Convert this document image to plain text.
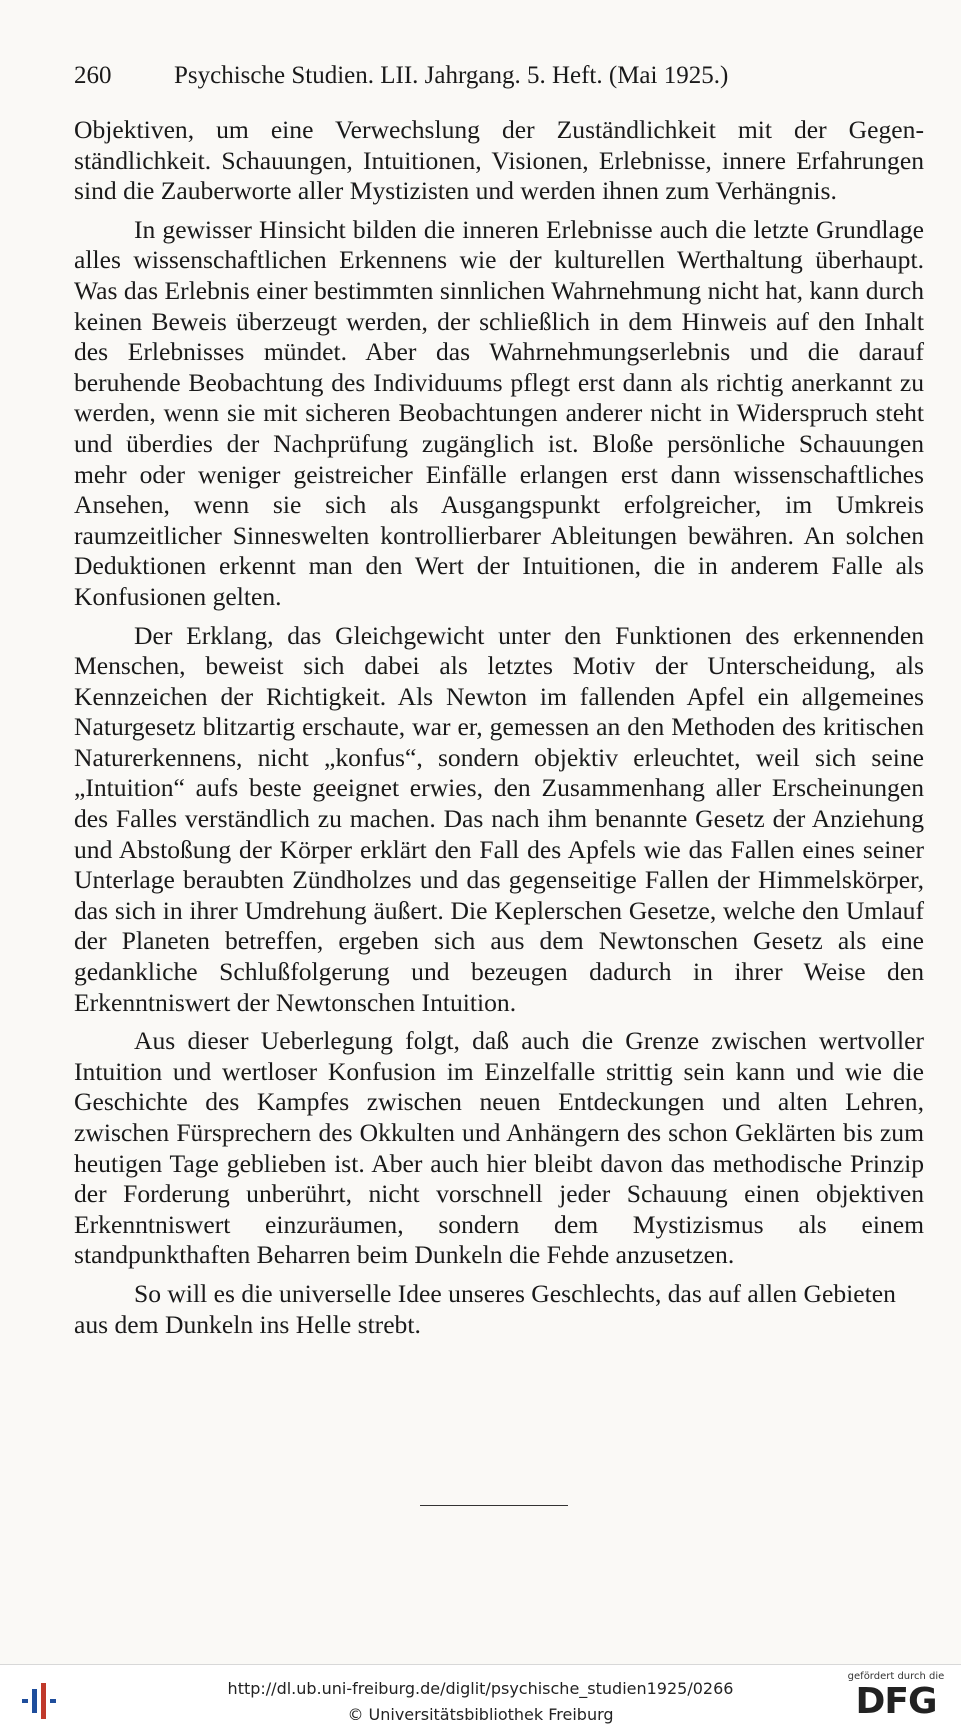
260	Psychische Studien. LII. Jahrgang. 5. Heft. (Mai 1925.)

Objektiven, um eine Verwechslung der Zuständlichkeit mit der Gegenständlichkeit. Schauungen, Intuitionen, Visionen, Erlebnisse, innere Erfahrungen sind die Zauberworte aller Mystizisten und werden ihnen zum Verhängnis.

In gewisser Hinsicht bilden die inneren Erlebnisse auch die letzte Grundlage alles wissenschaftlichen Erkennens wie der kulturellen Werthaltung überhaupt. Was das Erlebnis einer bestimmten sinnlichen Wahrnehmung nicht hat, kann durch keinen Beweis überzeugt werden, der schließlich in dem Hinweis auf den Inhalt des Erlebnisses mündet. Aber das Wahrnehmungserlebnis und die darauf beruhende Beobachtung des Individuums pflegt erst dann als richtig anerkannt zu werden, wenn sie mit sicheren Beobachtungen anderer nicht in Widerspruch steht und überdies der Nachprüfung zugänglich ist. Bloße persönliche Schauungen mehr oder weniger geistreicher Einfälle erlangen erst dann wissenschaftliches Ansehen, wenn sie sich als Ausgangspunkt erfolgreicher, im Umkreis raumzeitlicher Sinneswelten kontrollierbarer Ableitungen bewähren. An solchen Deduktionen erkennt man den Wert der Intuitionen, die in anderem Falle als Konfusionen gelten.

Der Erklang, das Gleichgewicht unter den Funktionen des erkennenden Menschen, beweist sich dabei als letztes Motiv der Unterscheidung, als Kennzeichen der Richtigkeit. Als Newton im fallenden Apfel ein allgemeines Naturgesetz blitzartig erschaute, war er, gemessen an den Methoden des kritischen Naturerkennens, nicht „konfus“, sondern objektiv erleuchtet, weil sich seine „Intuition“ aufs beste geeignet erwies, den Zusammenhang aller Erscheinungen des Falles verständlich zu machen. Das nach ihm benannte Gesetz der Anziehung und Abstoßung der Körper erklärt den Fall des Apfels wie das Fallen eines seiner Unterlage beraubten Zündholzes und das gegenseitige Fallen der Himmelskörper, das sich in ihrer Umdrehung äußert. Die Keplerschen Gesetze, welche den Umlauf der Planeten betreffen, ergeben sich aus dem Newtonschen Gesetz als eine gedankliche Schlußfolgerung und bezeugen dadurch in ihrer Weise den Erkenntniswert der Newtonschen Intuition.

Aus dieser Ueberlegung folgt, daß auch die Grenze zwischen wertvoller Intuition und wertloser Konfusion im Einzelfalle strittig sein kann und wie die Geschichte des Kampfes zwischen neuen Entdeckungen und alten Lehren, zwischen Fürsprechern des Okkulten und Anhängern des schon Geklärten bis zum heutigen Tage geblieben ist. Aber auch hier bleibt davon das methodische Prinzip der Forderung unberührt, nicht vorschnell jeder Schauung einen objektiven Erkenntniswert einzuräumen, sondern dem Mystizismus als einem standpunkthaften Beharren beim Dunkeln die Fehde anzusetzen.

So will es die universelle Idee unseres Geschlechts, das auf allen Gebieten aus dem Dunkeln ins Helle strebt.

http://dl.ub.uni-freiburg.de/diglit/psychische_studien1925/0266
© Universitätsbibliothek Freiburg
gefördert durch die
DFG
